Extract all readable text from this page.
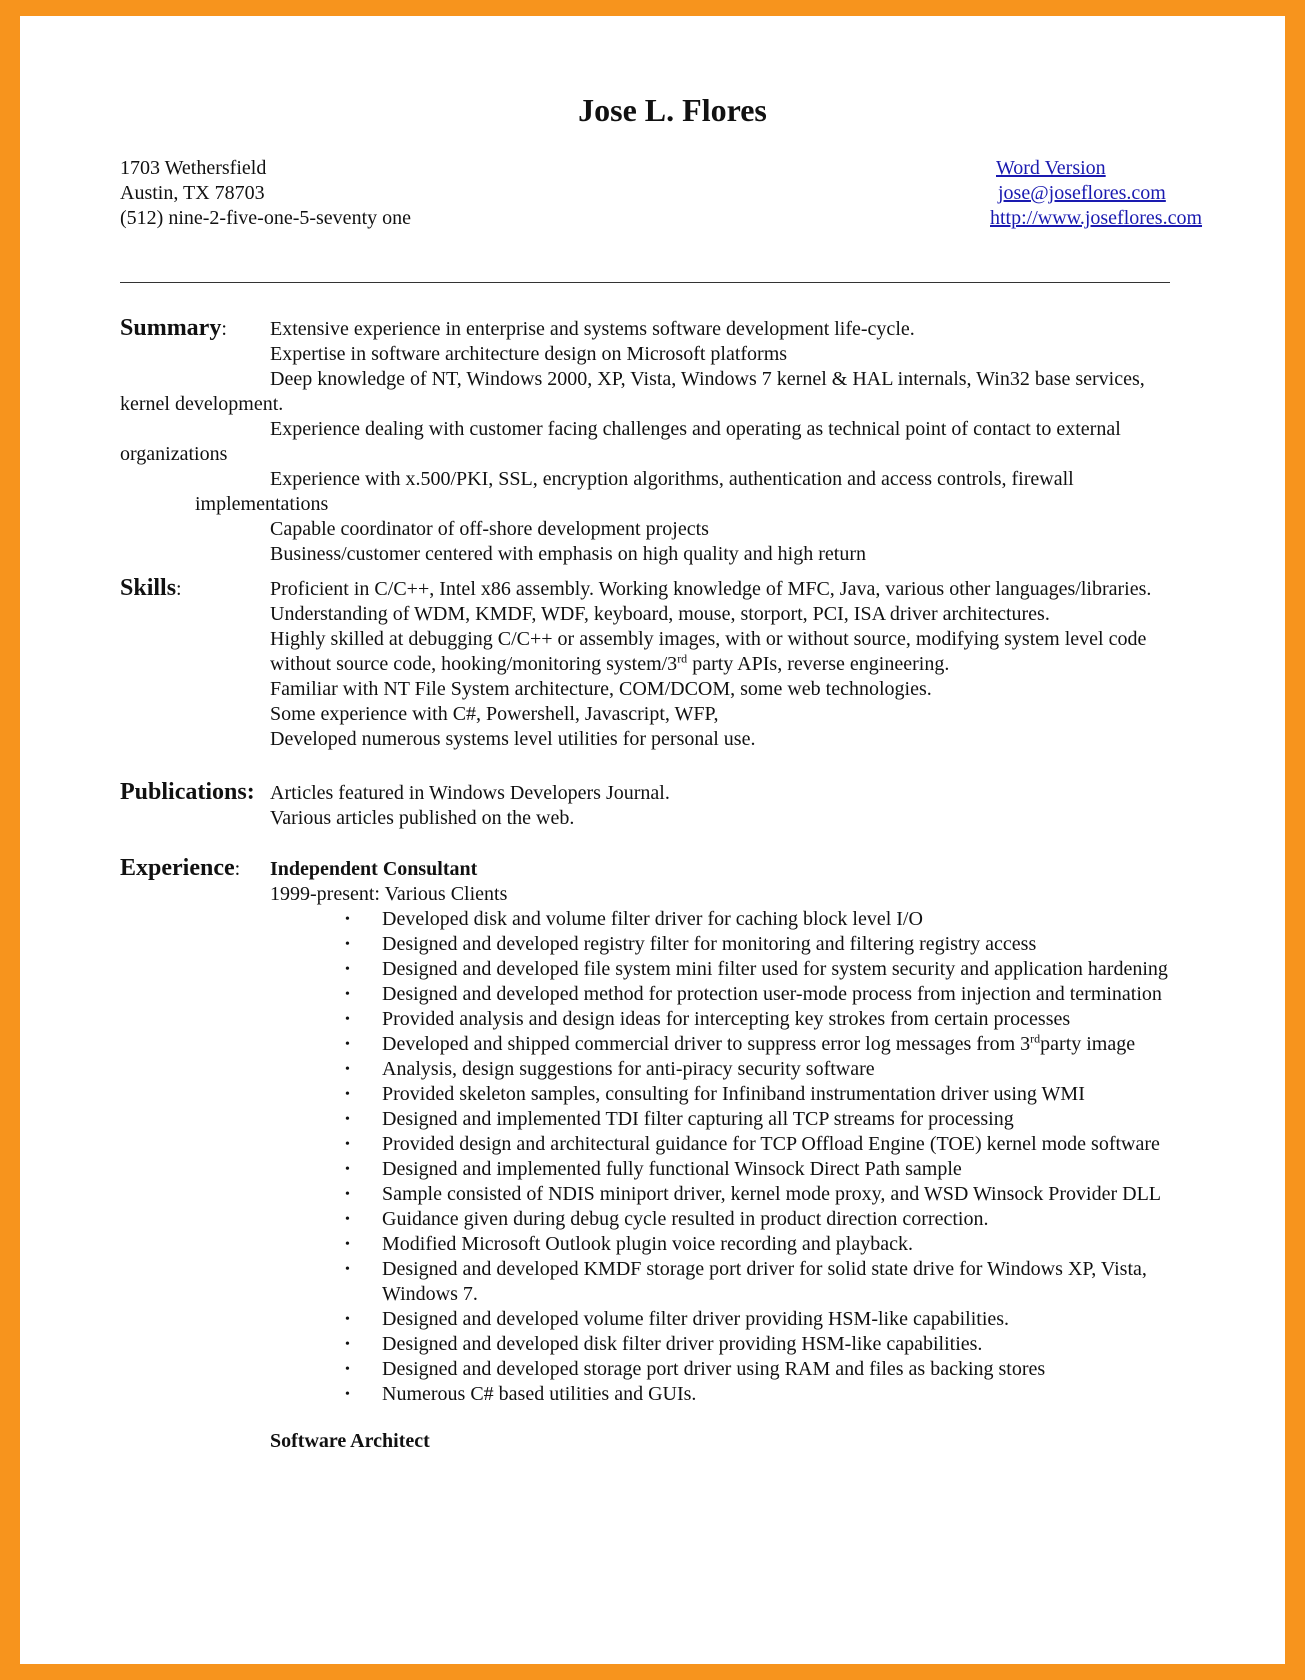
Jose L. Flores
1703 Wethersfield
Austin, TX 78703
(512) nine-2-five-one-5-seventy one
Word Version
jose@joseflores.com
http://www.joseflores.com
Summary: Extensive experience in enterprise and systems software development life-cycle.
Expertise in software architecture design on Microsoft platforms
Deep knowledge of NT, Windows 2000, XP, Vista, Windows 7 kernel & HAL internals, Win32 base services,
kernel development.
Experience dealing with customer facing challenges and operating as technical point of contact to external
organizations
Experience with x.500/PKI, SSL, encryption algorithms, authentication and access controls, firewall
implementations
Capable coordinator of off-shore development projects
Business/customer centered with emphasis on high quality and high return
Skills:	Proficient in C/C++, Intel x86 assembly. Working knowledge of MFC, Java, various other languages/libraries.
Understanding of WDM, KMDF, WDF, keyboard, mouse, storport, PCI, ISA driver architectures.
Highly skilled at debugging C/C++ or assembly images, with or without source, modifying system level code
without source code, hooking/monitoring system/3rd party APIs, reverse engineering.
Familiar with NT File System architecture, COM/DCOM, some web technologies.
Some experience with C#, Powershell, Javascript, WFP,
Developed numerous systems level utilities for personal use.
Publications: Articles featured in Windows Developers Journal.
Various articles published on the web.
Experience: Independent Consultant
1999-present: Various Clients
• Developed disk and volume filter driver for caching block level I/O
• Designed and developed registry filter for monitoring and filtering registry access
• Designed and developed file system mini filter used for system security and application hardening
• Designed and developed method for protection user-mode process from injection and termination
• Provided analysis and design ideas for intercepting key strokes from certain processes
• Developed and shipped commercial driver to suppress error log messages from 3rdparty image
• Analysis, design suggestions for anti-piracy security software
• Provided skeleton samples, consulting for Infiniband instrumentation driver using WMI
• Designed and implemented TDI filter capturing all TCP streams for processing
• Provided design and architectural guidance for TCP Offload Engine (TOE) kernel mode software
• Designed and implemented fully functional Winsock Direct Path sample
• Sample consisted of NDIS miniport driver, kernel mode proxy, and WSD Winsock Provider DLL
• Guidance given during debug cycle resulted in product direction correction.
• Modified Microsoft Outlook plugin voice recording and playback.
• Designed and developed KMDF storage port driver for solid state drive for Windows XP, Vista, Windows 7.
• Designed and developed volume filter driver providing HSM-like capabilities.
• Designed and developed disk filter driver providing HSM-like capabilities.
• Designed and developed storage port driver using RAM and files as backing stores
• Numerous C# based utilities and GUIs.
Software Architect
